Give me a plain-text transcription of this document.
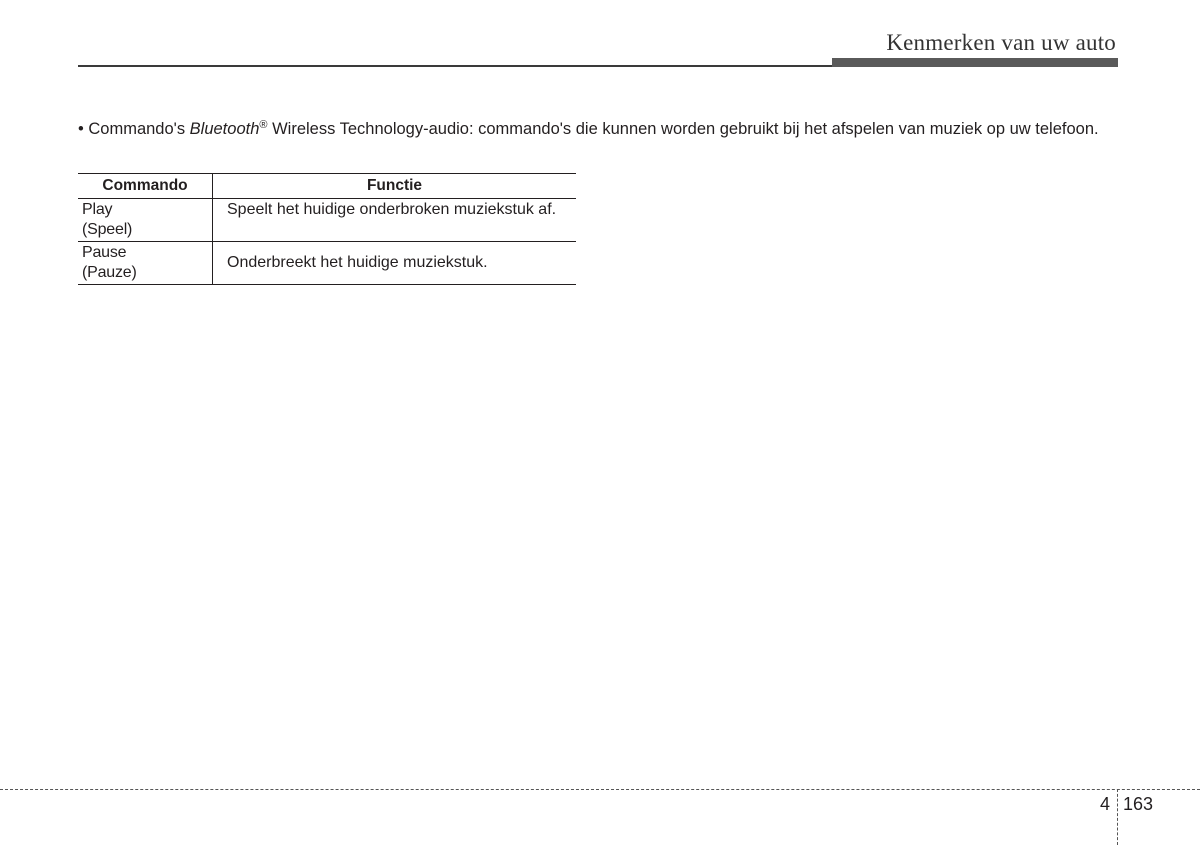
Kenmerken van uw auto
• Commando's Bluetooth® Wireless Technology-audio: commando's die kunnen worden gebruikt bij het afspelen van muziek op uw telefoon.
Commando	Functie

Play
(Speel)	Speelt het huidige onderbroken muziekstuk af.

Pause
(Pauze)	Onderbreekt het huidige muziekstuk.
4 163
